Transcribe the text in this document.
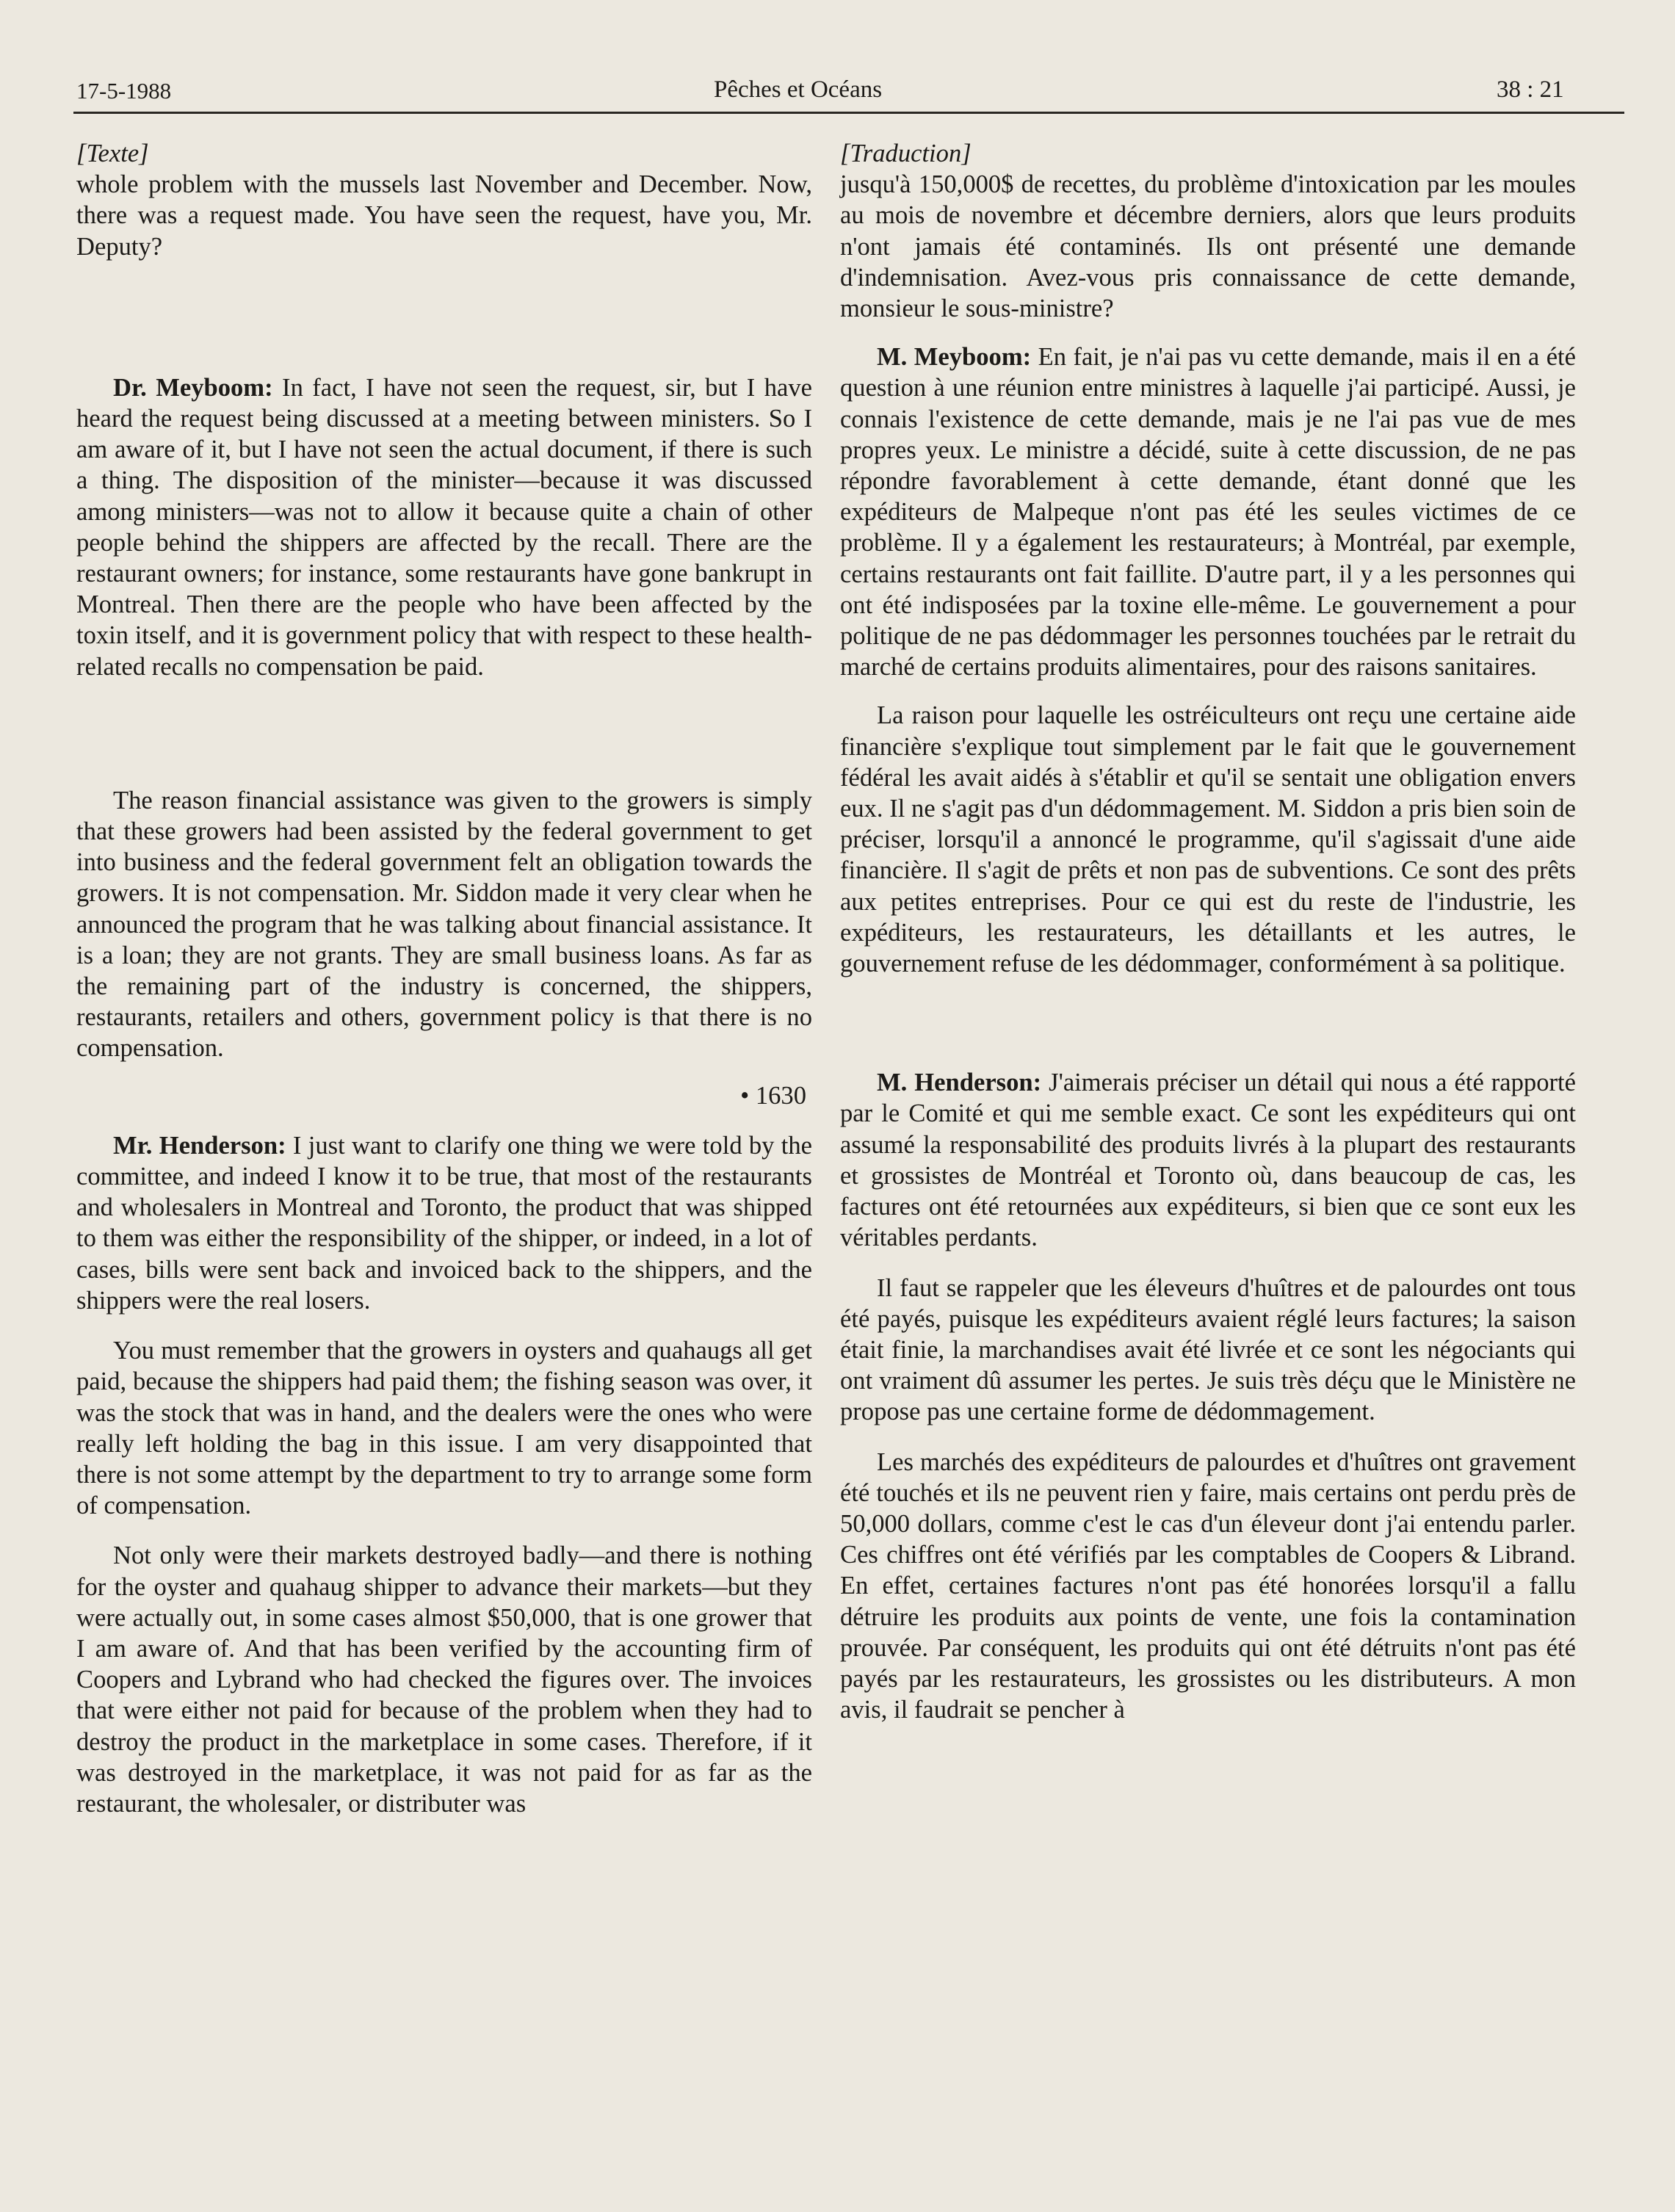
17-5-1988	Pêches et Océans	38 : 21

[Texte]

whole problem with the mussels last November and December. Now, there was a request made. You have seen the request, have you, Mr. Deputy?

Dr. Meyboom: In fact, I have not seen the request, sir, but I have heard the request being discussed at a meeting between ministers. So I am aware of it, but I have not seen the actual document, if there is such a thing. The disposition of the minister—because it was discussed among ministers—was not to allow it because quite a chain of other people behind the shippers are affected by the recall. There are the restaurant owners; for instance, some restaurants have gone bankrupt in Montreal. Then there are the people who have been affected by the toxin itself, and it is government policy that with respect to these health-related recalls no compensation be paid.

The reason financial assistance was given to the growers is simply that these growers had been assisted by the federal government to get into business and the federal government felt an obligation towards the growers. It is not compensation. Mr. Siddon made it very clear when he announced the program that he was talking about financial assistance. It is a loan; they are not grants. They are small business loans. As far as the remaining part of the industry is concerned, the shippers, restaurants, retailers and others, government policy is that there is no compensation.

• 1630

Mr. Henderson: I just want to clarify one thing we were told by the committee, and indeed I know it to be true, that most of the restaurants and wholesalers in Montreal and Toronto, the product that was shipped to them was either the responsibility of the shipper, or indeed, in a lot of cases, bills were sent back and invoiced back to the shippers, and the shippers were the real losers.

You must remember that the growers in oysters and quahaugs all get paid, because the shippers had paid them; the fishing season was over, it was the stock that was in hand, and the dealers were the ones who were really left holding the bag in this issue. I am very disappointed that there is not some attempt by the department to try to arrange some form of compensation.

Not only were their markets destroyed badly—and there is nothing for the oyster and quahaug shipper to advance their markets—but they were actually out, in some cases almost $50,000, that is one grower that I am aware of. And that has been verified by the accounting firm of Coopers and Lybrand who had checked the figures over. The invoices that were either not paid for because of the problem when they had to destroy the product in the marketplace in some cases. Therefore, if it was destroyed in the marketplace, it was not paid for as far as the restaurant, the wholesaler, or distributer was

[Traduction]

jusqu'à 150,000$ de recettes, du problème d'intoxication par les moules au mois de novembre et décembre derniers, alors que leurs produits n'ont jamais été contaminés. Ils ont présenté une demande d'indemnisation. Avez-vous pris connaissance de cette demande, monsieur le sous-ministre?

M. Meyboom: En fait, je n'ai pas vu cette demande, mais il en a été question à une réunion entre ministres à laquelle j'ai participé. Aussi, je connais l'existence de cette demande, mais je ne l'ai pas vue de mes propres yeux. Le ministre a décidé, suite à cette discussion, de ne pas répondre favorablement à cette demande, étant donné que les expéditeurs de Malpeque n'ont pas été les seules victimes de ce problème. Il y a également les restaurateurs; à Montréal, par exemple, certains restaurants ont fait faillite. D'autre part, il y a les personnes qui ont été indisposées par la toxine elle-même. Le gouvernement a pour politique de ne pas dédommager les personnes touchées par le retrait du marché de certains produits alimentaires, pour des raisons sanitaires.

La raison pour laquelle les ostréiculteurs ont reçu une certaine aide financière s'explique tout simplement par le fait que le gouvernement fédéral les avait aidés à s'établir et qu'il se sentait une obligation envers eux. Il ne s'agit pas d'un dédommagement. M. Siddon a pris bien soin de préciser, lorsqu'il a annoncé le programme, qu'il s'agissait d'une aide financière. Il s'agit de prêts et non pas de subventions. Ce sont des prêts aux petites entreprises. Pour ce qui est du reste de l'industrie, les expéditeurs, les restaurateurs, les détaillants et les autres, le gouvernement refuse de les dédommager, conformément à sa politique.

M. Henderson: J'aimerais préciser un détail qui nous a été rapporté par le Comité et qui me semble exact. Ce sont les expéditeurs qui ont assumé la responsabilité des produits livrés à la plupart des restaurants et grossistes de Montréal et Toronto où, dans beaucoup de cas, les factures ont été retournées aux expéditeurs, si bien que ce sont eux les véritables perdants.

Il faut se rappeler que les éleveurs d'huîtres et de palourdes ont tous été payés, puisque les expéditeurs avaient réglé leurs factures; la saison était finie, la marchandises avait été livrée et ce sont les négociants qui ont vraiment dû assumer les pertes. Je suis très déçu que le Ministère ne propose pas une certaine forme de dédommagement.

Les marchés des expéditeurs de palourdes et d'huîtres ont gravement été touchés et ils ne peuvent rien y faire, mais certains ont perdu près de 50,000 dollars, comme c'est le cas d'un éleveur dont j'ai entendu parler. Ces chiffres ont été vérifiés par les comptables de Coopers & Librand. En effet, certaines factures n'ont pas été honorées lorsqu'il a fallu détruire les produits aux points de vente, une fois la contamination prouvée. Par conséquent, les produits qui ont été détruits n'ont pas été payés par les restaurateurs, les grossistes ou les distributeurs. A mon avis, il faudrait se pencher à
